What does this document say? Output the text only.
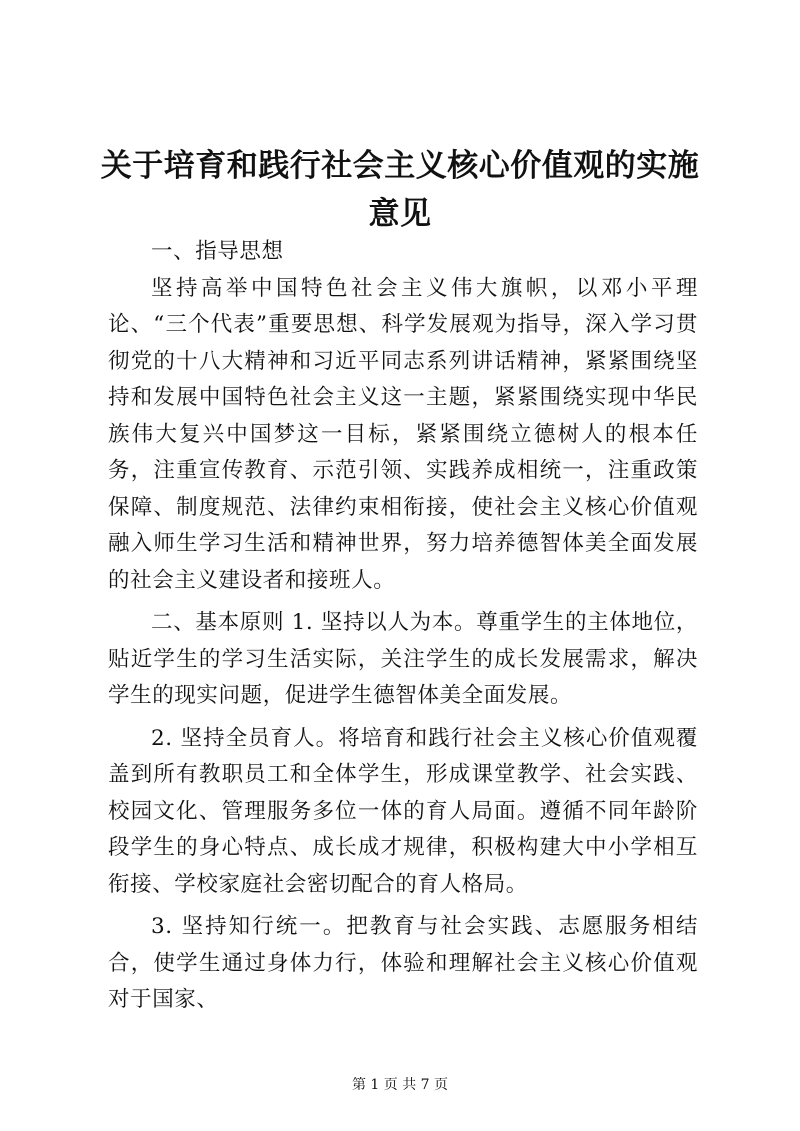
关于培育和践行社会主义核心价值观的实施意见

一、指导思想

坚持高举中国特色社会主义伟大旗帜，以邓小平理论、“三个代表”重要思想、科学发展观为指导，深入学习贯彻党的十八大精神和习近平同志系列讲话精神，紧紧围绕坚持和发展中国特色社会主义这一主题，紧紧围绕实现中华民族伟大复兴中国梦这一目标，紧紧围绕立德树人的根本任务，注重宣传教育、示范引领、实践养成相统一，注重政策保障、制度规范、法律约束相衔接，使社会主义核心价值观融入师生学习生活和精神世界，努力培养德智体美全面发展的社会主义建设者和接班人。

二、基本原则 1. 坚持以人为本。尊重学生的主体地位，贴近学生的学习生活实际，关注学生的成长发展需求，解决学生的现实问题，促进学生德智体美全面发展。

2. 坚持全员育人。将培育和践行社会主义核心价值观覆盖到所有教职员工和全体学生，形成课堂教学、社会实践、校园文化、管理服务多位一体的育人局面。遵循不同年龄阶段学生的身心特点、成长成才规律，积极构建大中小学相互衔接、学校家庭社会密切配合的育人格局。

3. 坚持知行统一。把教育与社会实践、志愿服务相结合，使学生通过身体力行，体验和理解社会主义核心价值观对于国家、

第 1 页 共 7 页
